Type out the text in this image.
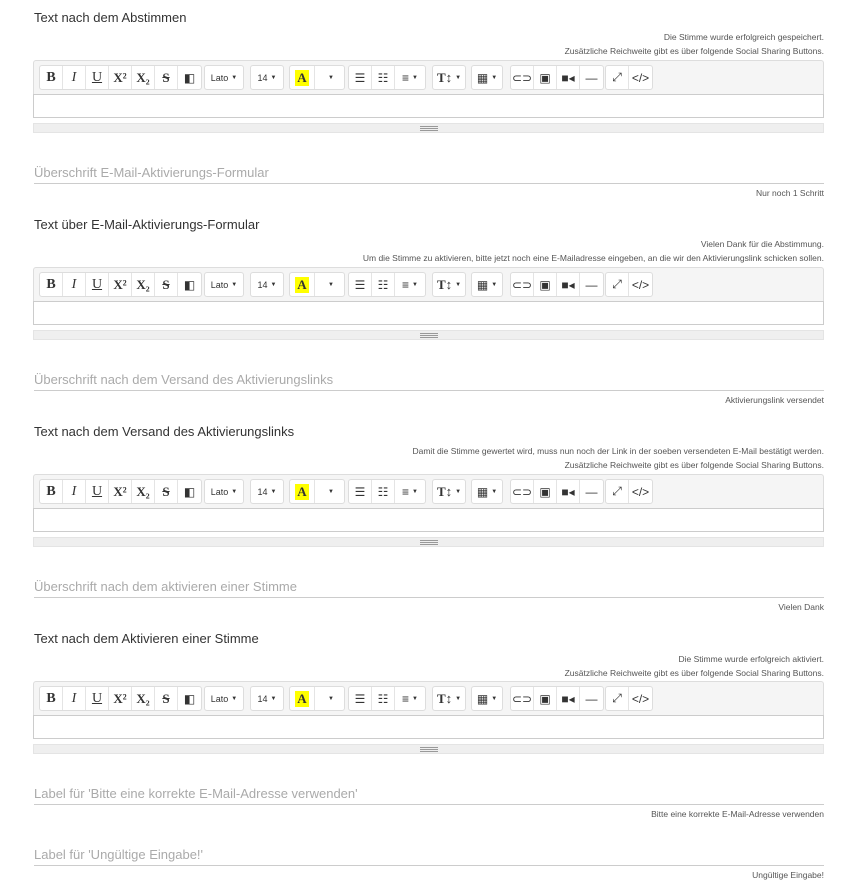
Text nach dem Abstimmen
Die Stimme wurde erfolgreich gespeichert.
Zusätzliche Reichweite gibt es über folgende Social Sharing Buttons.
B	I	U X² X₂ S	◧	Lato ▼ 14 ▼ A	▼	☰	☷	≡ ▼ T↕ ▼	▦ ▼ ⊂⊃ ▣ ■◂ —	⤢ </>
Überschrift E-Mail-Aktivierungs-Formular
Nur noch 1 Schritt
Text über E-Mail-Aktivierungs-Formular
Vielen Dank für die Abstimmung.
Um die Stimme zu aktivieren, bitte jetzt noch eine E-Mailadresse eingeben, an die wir den Aktivierungslink schicken sollen.
B	I	U X² X₂ S	◧	Lato ▼ 14 ▼ A	▼	☰	☷	≡ ▼ T↕ ▼	▦ ▼ ⊂⊃ ▣ ■◂ —	⤢ </>
Überschrift nach dem Versand des Aktivierungslinks
Aktivierungslink versendet
Text nach dem Versand des Aktivierungslinks
Damit die Stimme gewertet wird, muss nun noch der Link in der soeben versendeten E-Mail bestätigt werden.
Zusätzliche Reichweite gibt es über folgende Social Sharing Buttons.
B	I	U X² X₂ S	◧	Lato ▼ 14 ▼ A	▼	☰	☷	≡ ▼ T↕ ▼	▦ ▼ ⊂⊃ ▣ ■◂ —	⤢ </>
Überschrift nach dem aktivieren einer Stimme
Vielen Dank
Text nach dem Aktivieren einer Stimme
Die Stimme wurde erfolgreich aktiviert.
Zusätzliche Reichweite gibt es über folgende Social Sharing Buttons.
B	I	U X² X₂ S	◧	Lato ▼ 14 ▼ A	▼	☰	☷	≡ ▼ T↕ ▼	▦ ▼ ⊂⊃ ▣ ■◂ —	⤢ </>
Label für 'Bitte eine korrekte E-Mail-Adresse verwenden'
Bitte eine korrekte E-Mail-Adresse verwenden
Label für 'Ungültige Eingabe!'
Ungültige Eingabe!
